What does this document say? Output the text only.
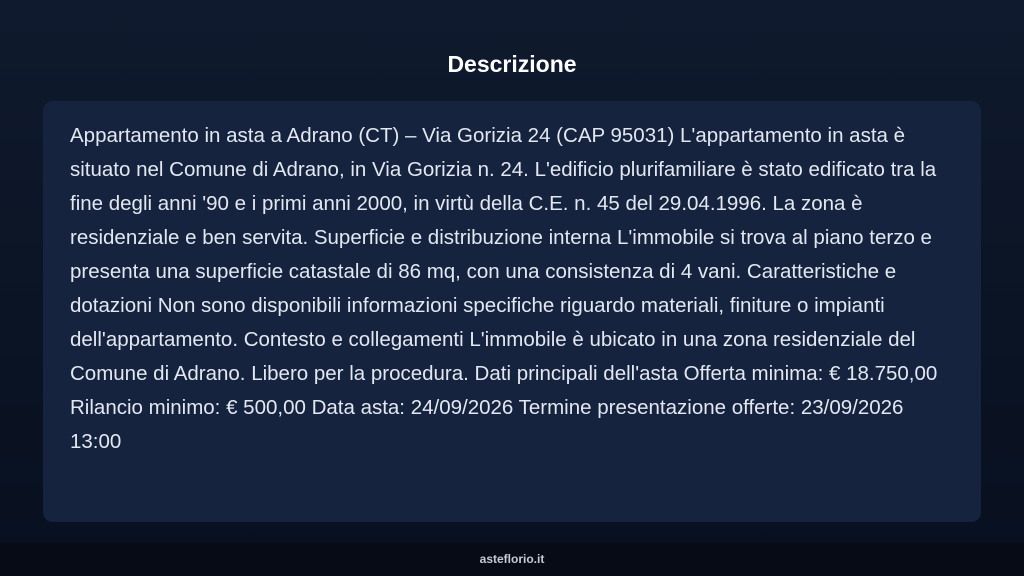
Descrizione

Appartamento in asta a Adrano (CT) – Via Gorizia 24 (CAP 95031) L'appartamento in asta è situato nel Comune di Adrano, in Via Gorizia n. 24. L'edificio plurifamiliare è stato edificato tra la fine degli anni '90 e i primi anni 2000, in virtù della C.E. n. 45 del 29.04.1996. La zona è residenziale e ben servita. Superficie e distribuzione interna L'immobile si trova al piano terzo e presenta una superficie catastale di 86 mq, con una consistenza di 4 vani. Caratteristiche e dotazioni Non sono disponibili informazioni specifiche riguardo materiali, finiture o impianti dell'appartamento. Contesto e collegamenti L'immobile è ubicato in una zona residenziale del Comune di Adrano. Libero per la procedura. Dati principali dell'asta Offerta minima: € 18.750,00 Rilancio minimo: € 500,00 Data asta: 24/09/2026 Termine presentazione offerte: 23/09/2026 13:00

asteflorio.it
